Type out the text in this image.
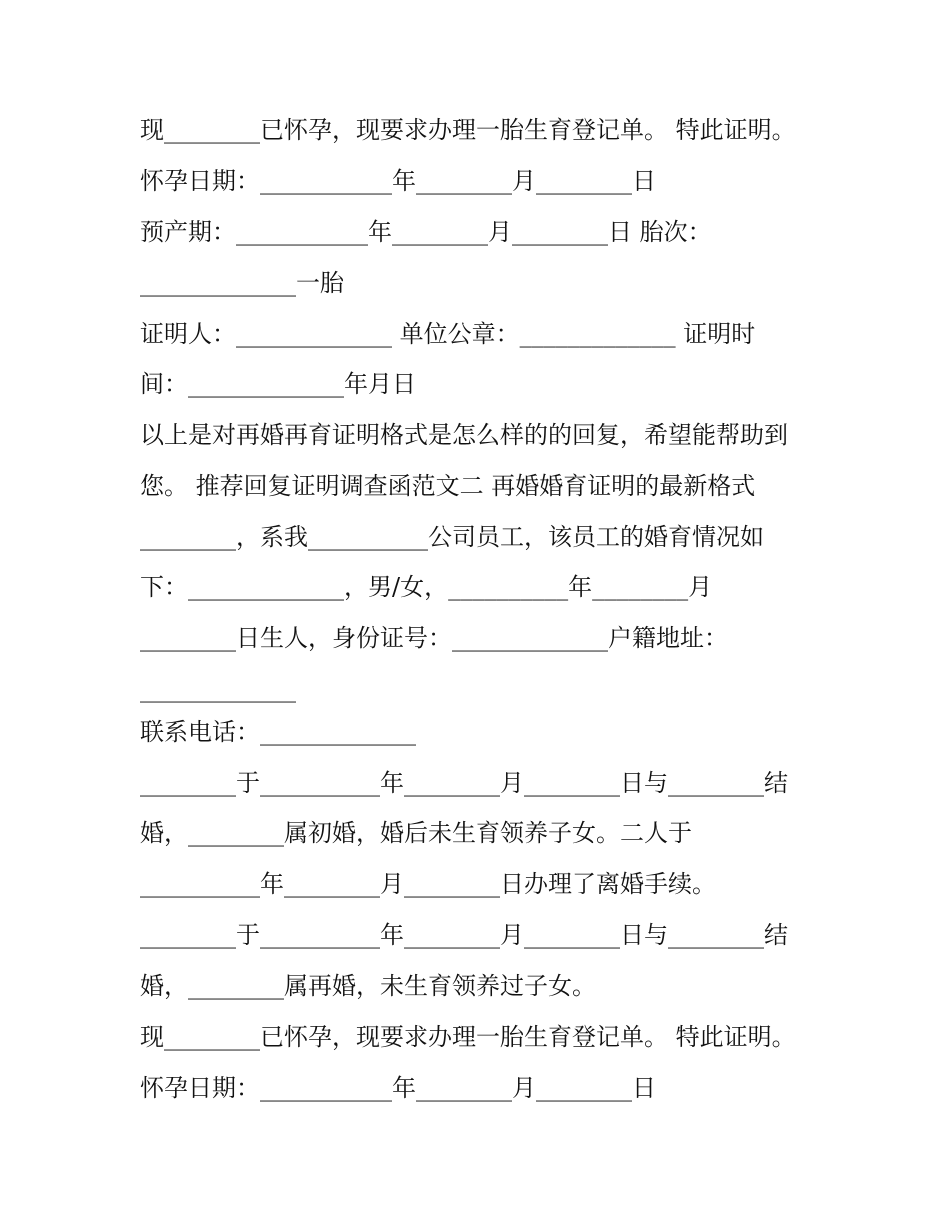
现________已怀孕，现要求办理一胎生育登记单。 特此证明。
怀孕日期：___________年________月________日
预产期：___________年________月________日 胎次：
_____________一胎
证明人：_____________ 单位公章：_____________ 证明时
间：_____________年月日
以上是对再婚再育证明格式是怎么样的的回复，希望能帮助到
您。 推荐回复证明调查函范文二 再婚婚育证明的最新格式
________，系我__________公司员工，该员工的婚育情况如
下：_____________，男/女，__________年________月
________日生人，身份证号：_____________户籍地址：
_____________
联系电话：_____________
________于__________年________月________日与________结
婚，________属初婚，婚后未生育领养子女。二人于
__________年________月________日办理了离婚手续。
________于__________年________月________日与________结
婚，________属再婚，未生育领养过子女。
现________已怀孕，现要求办理一胎生育登记单。 特此证明。
怀孕日期：___________年________月________日
